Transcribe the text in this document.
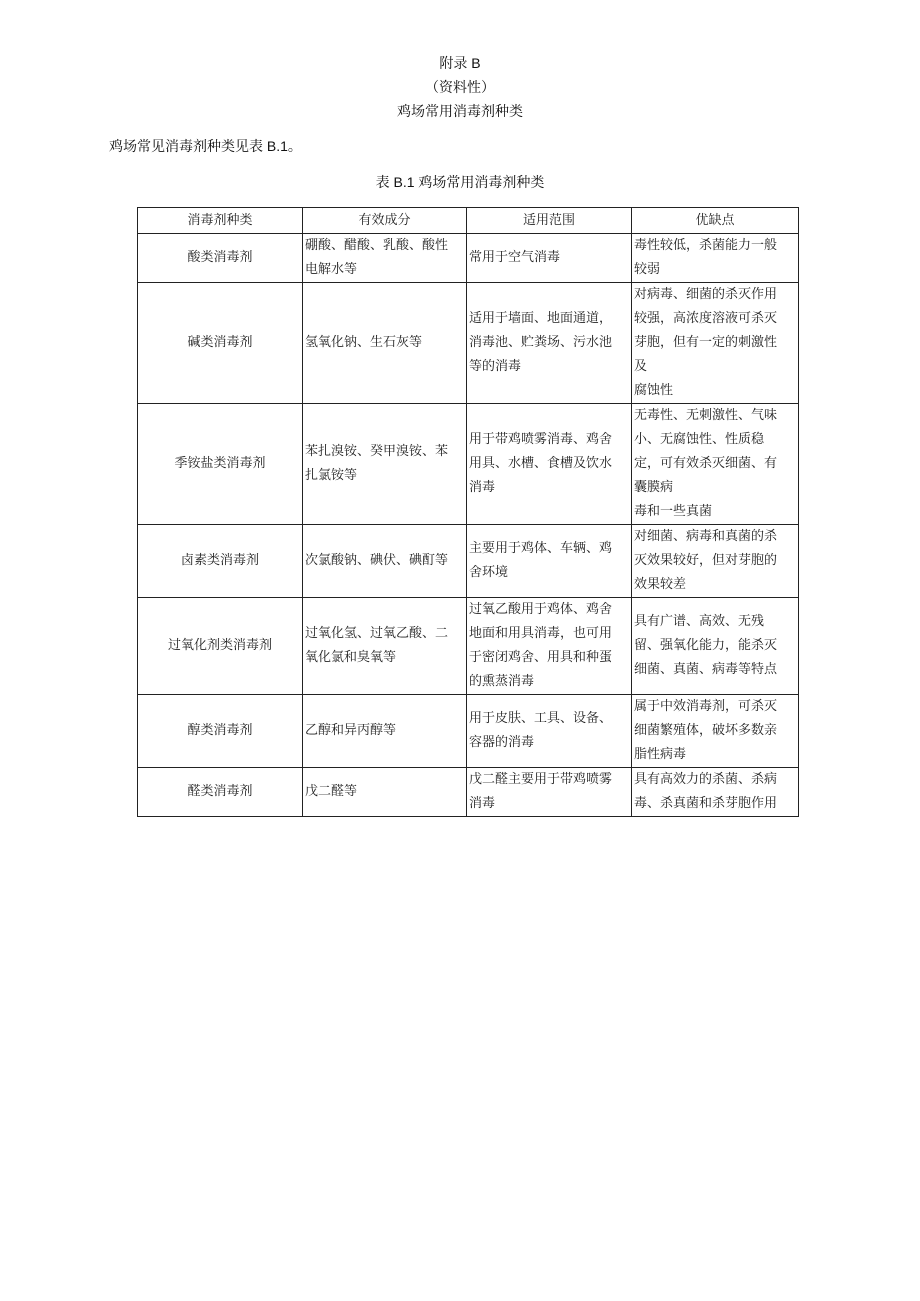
附录 B
（资料性）
鸡场常用消毒剂种类
鸡场常见消毒剂种类见表 B.1。
表 B.1 鸡场常用消毒剂种类
消毒剂种类	有效成分	适用范围	优缺点
酸类消毒剂	硼酸、醋酸、乳酸、酸性
电解水等	常用于空气消毒	毒性较低，杀菌能力一般
较弱

碱类消毒剂	氢氧化钠、生石灰等	适用于墙面、地面通道，
消毒池、贮粪场、污水池
等的消毒	对病毒、细菌的杀灭作用
较强，高浓度溶液可杀灭
芽胞，但有一定的刺激性
及
腐蚀性

季铵盐类消毒剂	苯扎溴铵、癸甲溴铵、苯
扎氯铵等	用于带鸡喷雾消毒、鸡舍
用具、水槽、食槽及饮水
消毒	无毒性、无刺激性、气味
小、无腐蚀性、性质稳
定，可有效杀灭细菌、有
囊膜病
毒和一些真菌

卤素类消毒剂	次氯酸钠、碘伏、碘酊等	主要用于鸡体、车辆、鸡
舍环境	对细菌、病毒和真菌的杀
灭效果较好，但对芽胞的
效果较差

过氧化剂类消毒剂	过氧化氢、过氧乙酸、二
氧化氯和臭氧等	过氧乙酸用于鸡体、鸡舍
地面和用具消毒，也可用
于密闭鸡舍、用具和种蛋
的熏蒸消毒	具有广谱、高效、无残
留、强氧化能力，能杀灭
细菌、真菌、病毒等特点

醇类消毒剂	乙醇和异丙醇等	用于皮肤、工具、设备、
容器的消毒	属于中效消毒剂，可杀灭
细菌繁殖体，破坏多数亲
脂性病毒

醛类消毒剂	戊二醛等	戊二醛主要用于带鸡喷雾
消毒	具有高效力的杀菌、杀病
毒、杀真菌和杀芽胞作用
